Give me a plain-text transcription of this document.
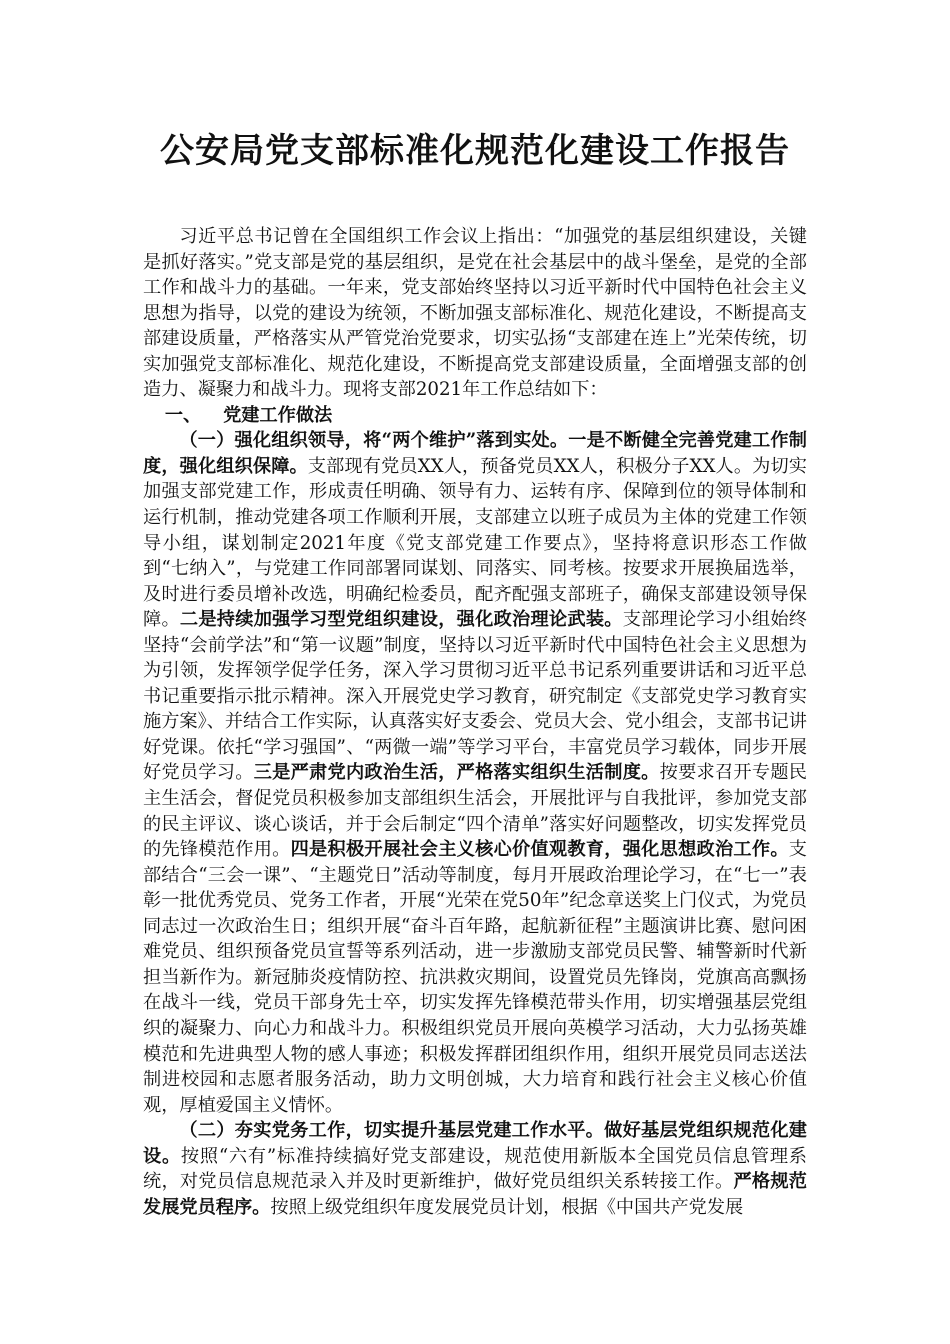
公安局党支部标准化规范化建设工作报告

习近平总书记曾在全国组织工作会议上指出：“加强党的基层组织建设，关键是抓好落实。”党支部是党的基层组织，是党在社会基层中的战斗堡垒，是党的全部工作和战斗力的基础。一年来，党支部始终坚持以习近平新时代中国特色社会主义思想为指导，以党的建设为统领，不断加强支部标准化、规范化建设，不断提高支部建设质量，严格落实从严管党治党要求，切实弘扬“支部建在连上”光荣传统，切实加强党支部标准化、规范化建设，不断提高党支部建设质量，全面增强支部的创造力、凝聚力和战斗力。现将支部2021年工作总结如下：

一、 党建工作做法

（一）强化组织领导，将“两个维护”落到实处。一是不断健全完善党建工作制度，强化组织保障。支部现有党员XX人，预备党员XX人，积极分子XX人。为切实加强支部党建工作，形成责任明确、领导有力、运转有序、保障到位的领导体制和运行机制，推动党建各项工作顺利开展，支部建立以班子成员为主体的党建工作领导小组，谋划制定2021年度《党支部党建工作要点》，坚持将意识形态工作做到“七纳入”，与党建工作同部署同谋划、同落实、同考核。按要求开展换届选举，及时进行委员增补改选，明确纪检委员，配齐配强支部班子，确保支部建设领导保障。二是持续加强学习型党组织建设，强化政治理论武装。支部理论学习小组始终坚持“会前学法”和“第一议题”制度，坚持以习近平新时代中国特色社会主义思想为为引领，发挥领学促学任务，深入学习贯彻习近平总书记系列重要讲话和习近平总书记重要指示批示精神。深入开展党史学习教育，研究制定《支部党史学习教育实施方案》、并结合工作实际，认真落实好支委会、党员大会、党小组会，支部书记讲好党课。依托“学习强国”、“两微一端”等学习平台，丰富党员学习载体，同步开展好党员学习。三是严肃党内政治生活，严格落实组织生活制度。按要求召开专题民主生活会，督促党员积极参加支部组织生活会，开展批评与自我批评，参加党支部的民主评议、谈心谈话，并于会后制定“四个清单”落实好问题整改，切实发挥党员的先锋模范作用。四是积极开展社会主义核心价值观教育，强化思想政治工作。支部结合“三会一课”、“主题党日”活动等制度，每月开展政治理论学习，在“七一”表彰一批优秀党员、党务工作者，开展“光荣在党50年”纪念章送奖上门仪式，为党员同志过一次政治生日；组织开展“奋斗百年路，起航新征程”主题演讲比赛、慰问困难党员、组织预备党员宣誓等系列活动，进一步激励支部党员民警、辅警新时代新担当新作为。新冠肺炎疫情防控、抗洪救灾期间，设置党员先锋岗，党旗高高飘扬在战斗一线，党员干部身先士卒，切实发挥先锋模范带头作用，切实增强基层党组织的凝聚力、向心力和战斗力。积极组织党员开展向英模学习活动，大力弘扬英雄模范和先进典型人物的感人事迹；积极发挥群团组织作用，组织开展党员同志送法制进校园和志愿者服务活动，助力文明创城，大力培育和践行社会主义核心价值观，厚植爱国主义情怀。

（二）夯实党务工作，切实提升基层党建工作水平。做好基层党组织规范化建设。按照“六有”标准持续搞好党支部建设，规范使用新版本全国党员信息管理系统，对党员信息规范录入并及时更新维护，做好党员组织关系转接工作。严格规范发展党员程序。按照上级党组织年度发展党员计划，根据《中国共产党发展
